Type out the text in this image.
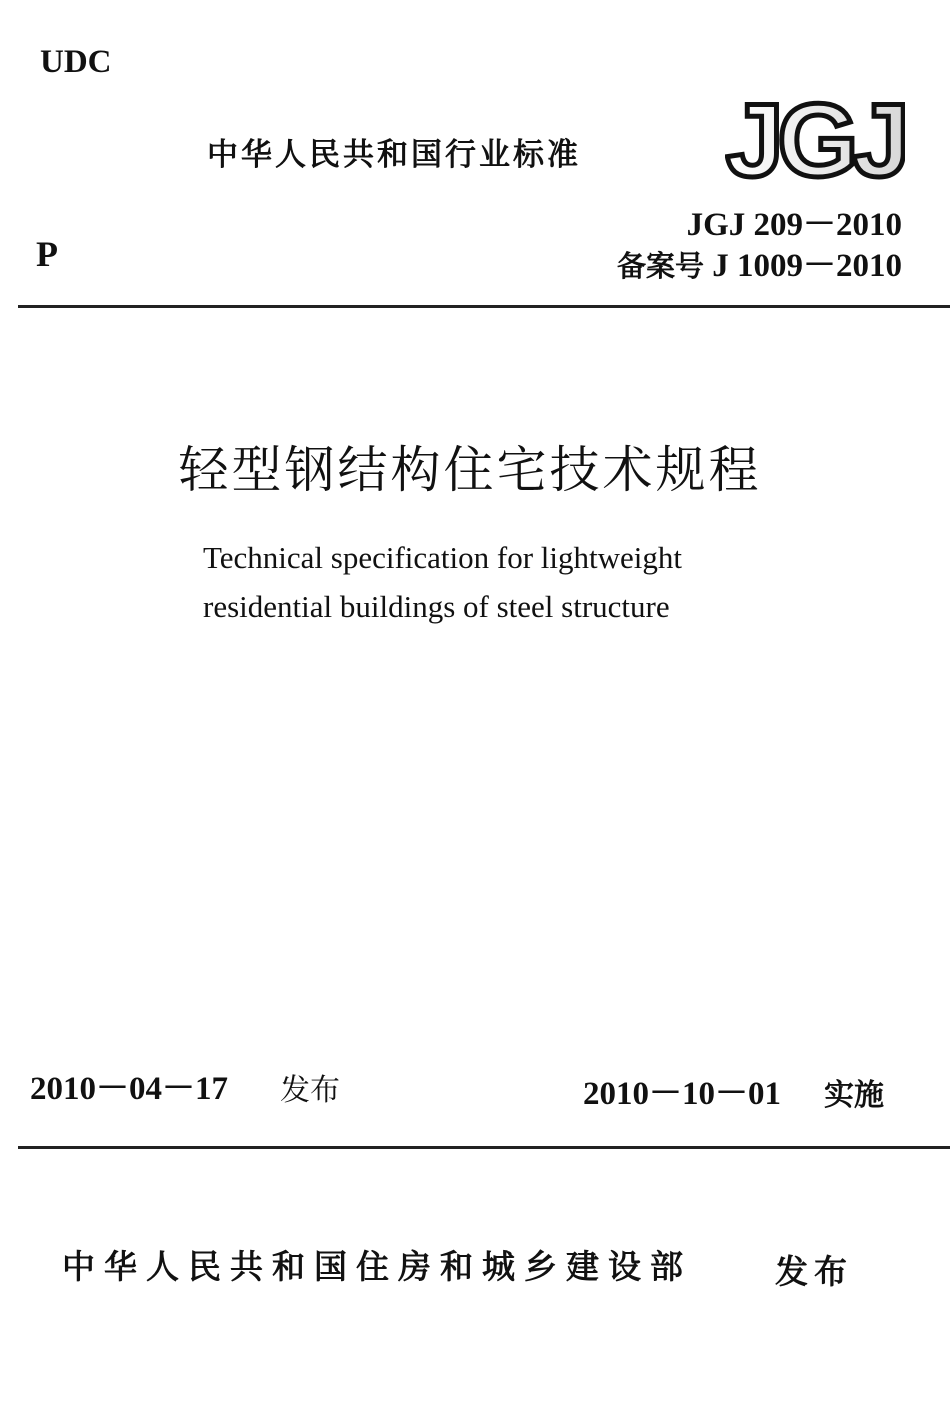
UDC
中华人民共和国行业标准 JGJ
P
JGJ 209－2010
备案号 J 1009－2010
轻型钢结构住宅技术规程
Technical specification for lightweight
residential buildings of steel structure
2010－04－17 发布	2010－10－01 实施
中华人民共和国住房和城乡建设部	发布
